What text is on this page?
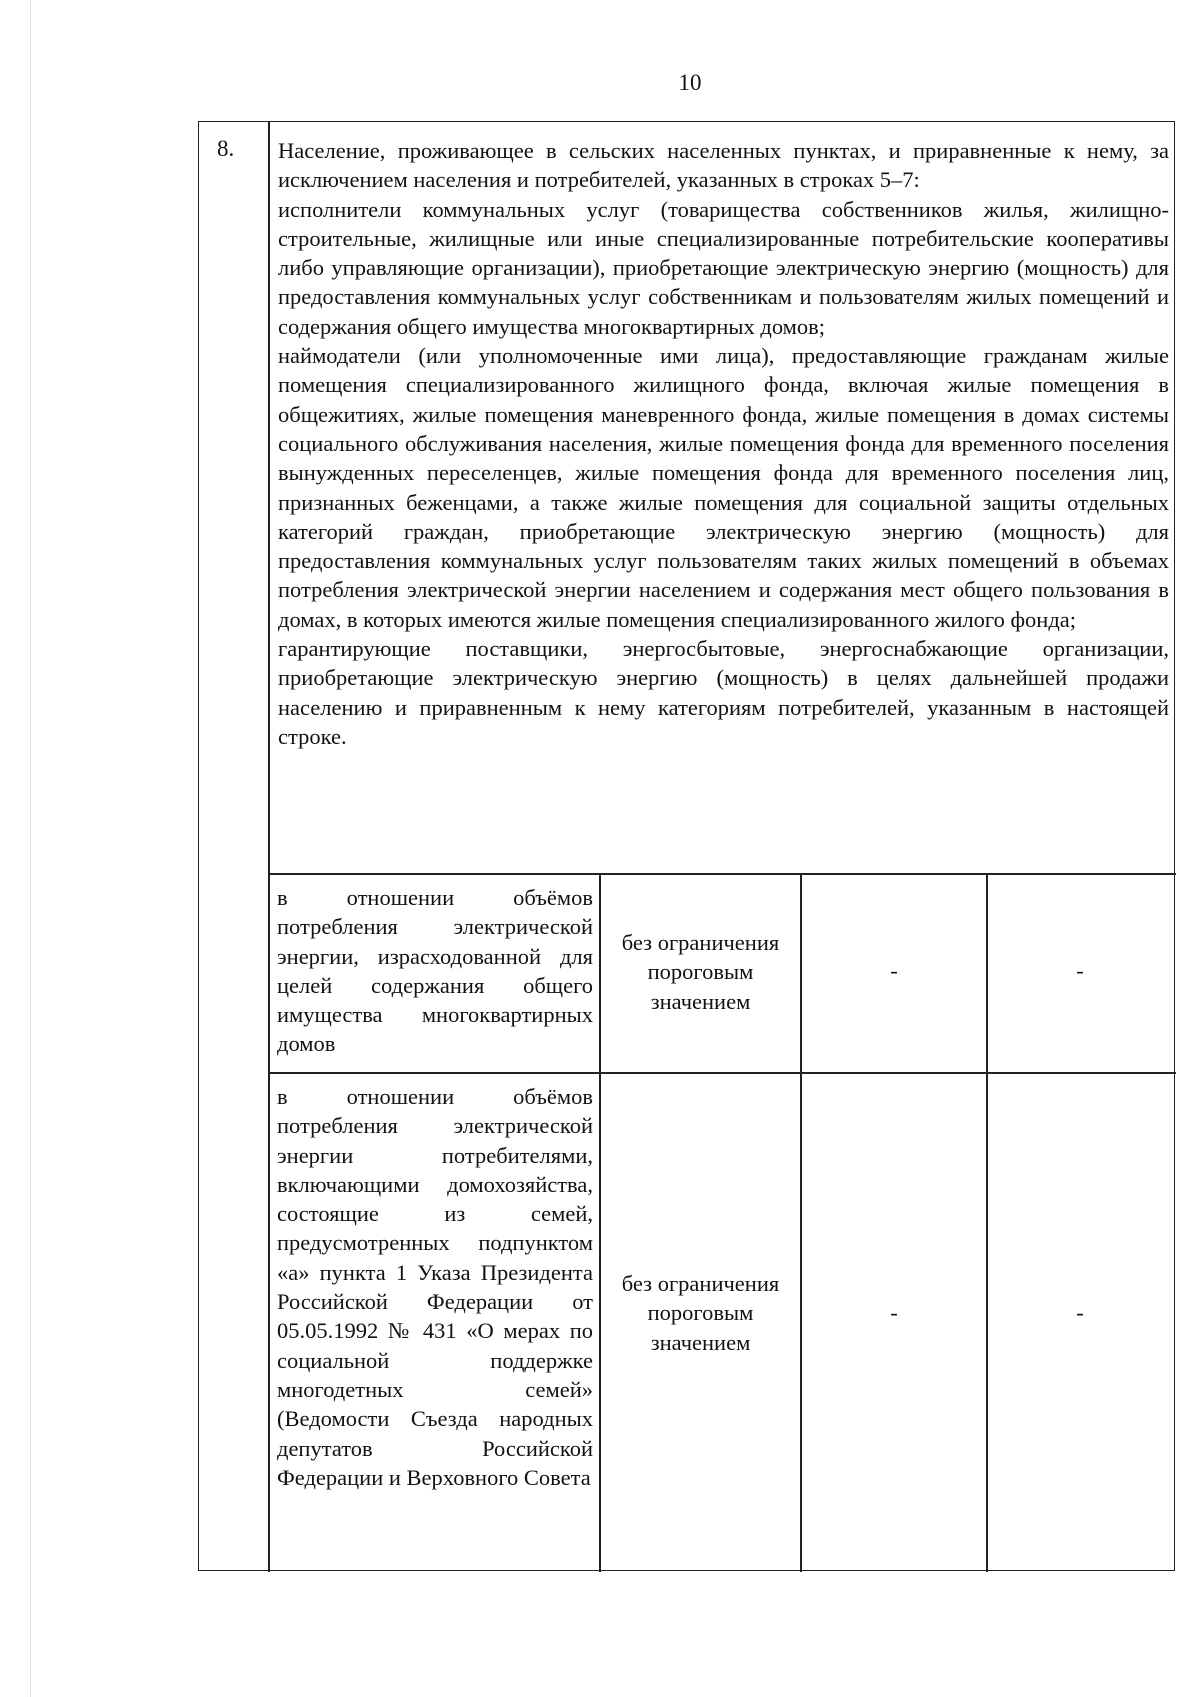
10
8. Население, проживающее в сельских населенных пунктах, и приравненные к нему, за исключением населения и потребителей, указанных в строках 5–7:

исполнители коммунальных услуг (товарищества собственников жилья, жилищно-строительные, жилищные или иные специализированные потребительские кооперативы либо управляющие организации), приобретающие электрическую энергию (мощность) для предоставления коммунальных услуг собственникам и пользователям жилых помещений и содержания общего имущества многоквартирных домов;

наймодатели (или уполномоченные ими лица), предоставляющие гражданам жилые помещения специализированного жилищного фонда, включая жилые помещения в общежитиях, жилые помещения маневренного фонда, жилые помещения в домах системы социального обслуживания населения, жилые помещения фонда для временного поселения вынужденных переселенцев, жилые помещения фонда для временного поселения лиц, признанных беженцами, а также жилые помещения для социальной защиты отдельных категорий граждан, приобретающие электрическую энергию (мощность) для предоставления коммунальных услуг пользователям таких жилых помещений в объемах потребления электрической энергии населением и содержания мест общего пользования в домах, в которых имеются жилые помещения специализированного жилого фонда;

гарантирующие поставщики, энергосбытовые, энергоснабжающие организации, приобретающие электрическую энергию (мощность) в целях дальнейшей продажи населению и приравненным к нему категориям потребителей, указанным в настоящей строке.

в отношении объёмов потребления электрической энергии, израсходованной для целей содержания общего имущества многоквартирных домов
без ограничения пороговым значением
-	-
в отношении объёмов потребления электрической энергии потребителями, включающими домохозяйства, состоящие из семей, предусмотренных подпунктом «а» пункта 1 Указа Президента Российской Федерации от 05.05.1992 № 431 «О мерах по социальной поддержке многодетных семей» (Ведомости Съезда народных депутатов Российской Федерации и Верховного Совета
без ограничения пороговым значением
-	-
